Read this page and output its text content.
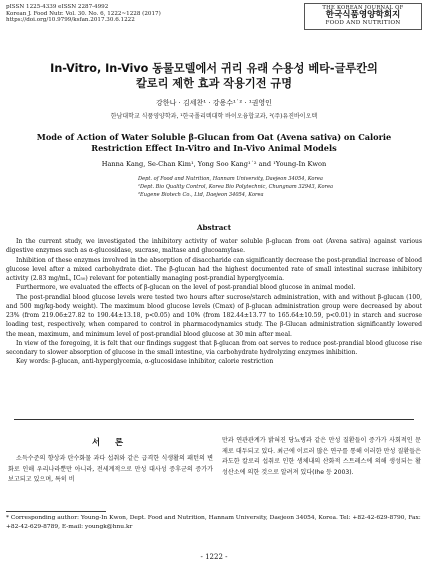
pISSN 1225-4339 eISSN 2287-4992
Korean J. Food Nutr. Vol. 30. No. 6, 1222~1228 (2017)
https://doi.org/10.9799/ksfan.2017.30.6.1222
THE KOREAN JOURNAL OF
한국식품영양학회지
FOOD AND NUTRITION
In-Vitro, In-Vivo 동물모델에서 귀리 유래 수용성 베타-글루칸의
칼로리 제한 효과 작용기전 규명
강한나 · 김세찬¹ · 강용수¹˙² · ¹권영인
한남대학교 식품영양학과, ¹한국폴리텍대학 바이오융합교과, ²(주)유진바이오텍
Mode of Action of Water Soluble β-Glucan from Oat (Avena sativa) on Calorie
Restriction Effect In-Vitro and In-Vivo Animal Models
Hanna Kang, Se-Chan Kim¹, Yong Soo Kang¹˙² and ¹Young-In Kwon
Dept. of Food and Nutrition, Hannam University, Daejeon 34054, Korea
¹Dept. Bio Quality Control, Korea Bio Polytechnic, Chungnam 32943, Korea
²Eugene Biotech Co., Ltd, Daejeon 34054, Korea
Abstract

In the current study, we investigated the inhibitory activity of water soluble β-glucan from oat (Avena sativa) against various digestive enzymes such as α-glucosidase, sucrase, maltase and glucoamylase.

Inhibition of these enzymes involved in the absorption of disaccharide can significantly decrease the post-prandial increase of blood glucose level after a mixed carbohydrate diet. The β-glucan had the highest documented rate of small intestinal sucrase inhibitory activity (2.83 mg/mL, IC₅₀) relevant for potentially managing post-prandial hyperglycemia.

Furthermore, we evaluated the effects of β-glucan on the level of post-prandial blood glucose in animal model.

The post-prandial blood glucose levels were tested two hours after sucrose/starch administration, with and without β-glucan (100, and 500 mg/kg-body weight). The maximum blood glucose levels (Cmax) of β-glucan administration group were decreased by about 23% (from 219.06±27.82 to 190.44±13.18, p<0.05) and 10% (from 182.44±13.77 to 165.64±10.59, p<0.01) in starch and sucrose loading test, respectively, when compared to control in pharmacodynamics study. The β-Glucan administration significantly lowered the mean, maximum, and minimum level of post-prandial blood glucose at 30 min after meal.

In view of the foregoing, it is felt that our findings suggest that β-glucan from oat serves to reduce post-prandial blood glucose rise secondary to slower absorption of glucose in the small intestine, via carbohydrate hydrolyzing enzymes inhibition.

Key words: β-glucan, anti-hyperglycemia, α-glucosidase inhibitor, calorie restriction

서 론
소득수준의 향상과 탄수화물 과다 섭취와 같은 급격한 식생활의 패턴의 변화로 인해 우리나라뿐만 아니라, 전세계적으로 만성 대사성 증후군의 증가가 보고되고 있으며, 특히 비
만과 연관관계가 밝혀진 당뇨병과 같은 만성 질환들이 증가가 사회적인 문제로 대두되고 있다. 최근에 이르러 많은 연구를 통해 이러한 만성 질환들은 과도한 칼로리 섭취로 인한 생체내의 산화적 스트레스에 의해 생성되는 활성산소에 의한 것으로 알려져 있다(Ihe 등 2003).
* Corresponding author: Young-In Kwon, Dept. Food and Nutrition, Hannam University, Daejeon 34054, Korea. Tel: +82-42-629-8790, Fax: +82-42-629-8789, E-mail: youngk@hnu.kr
- 1222 -
